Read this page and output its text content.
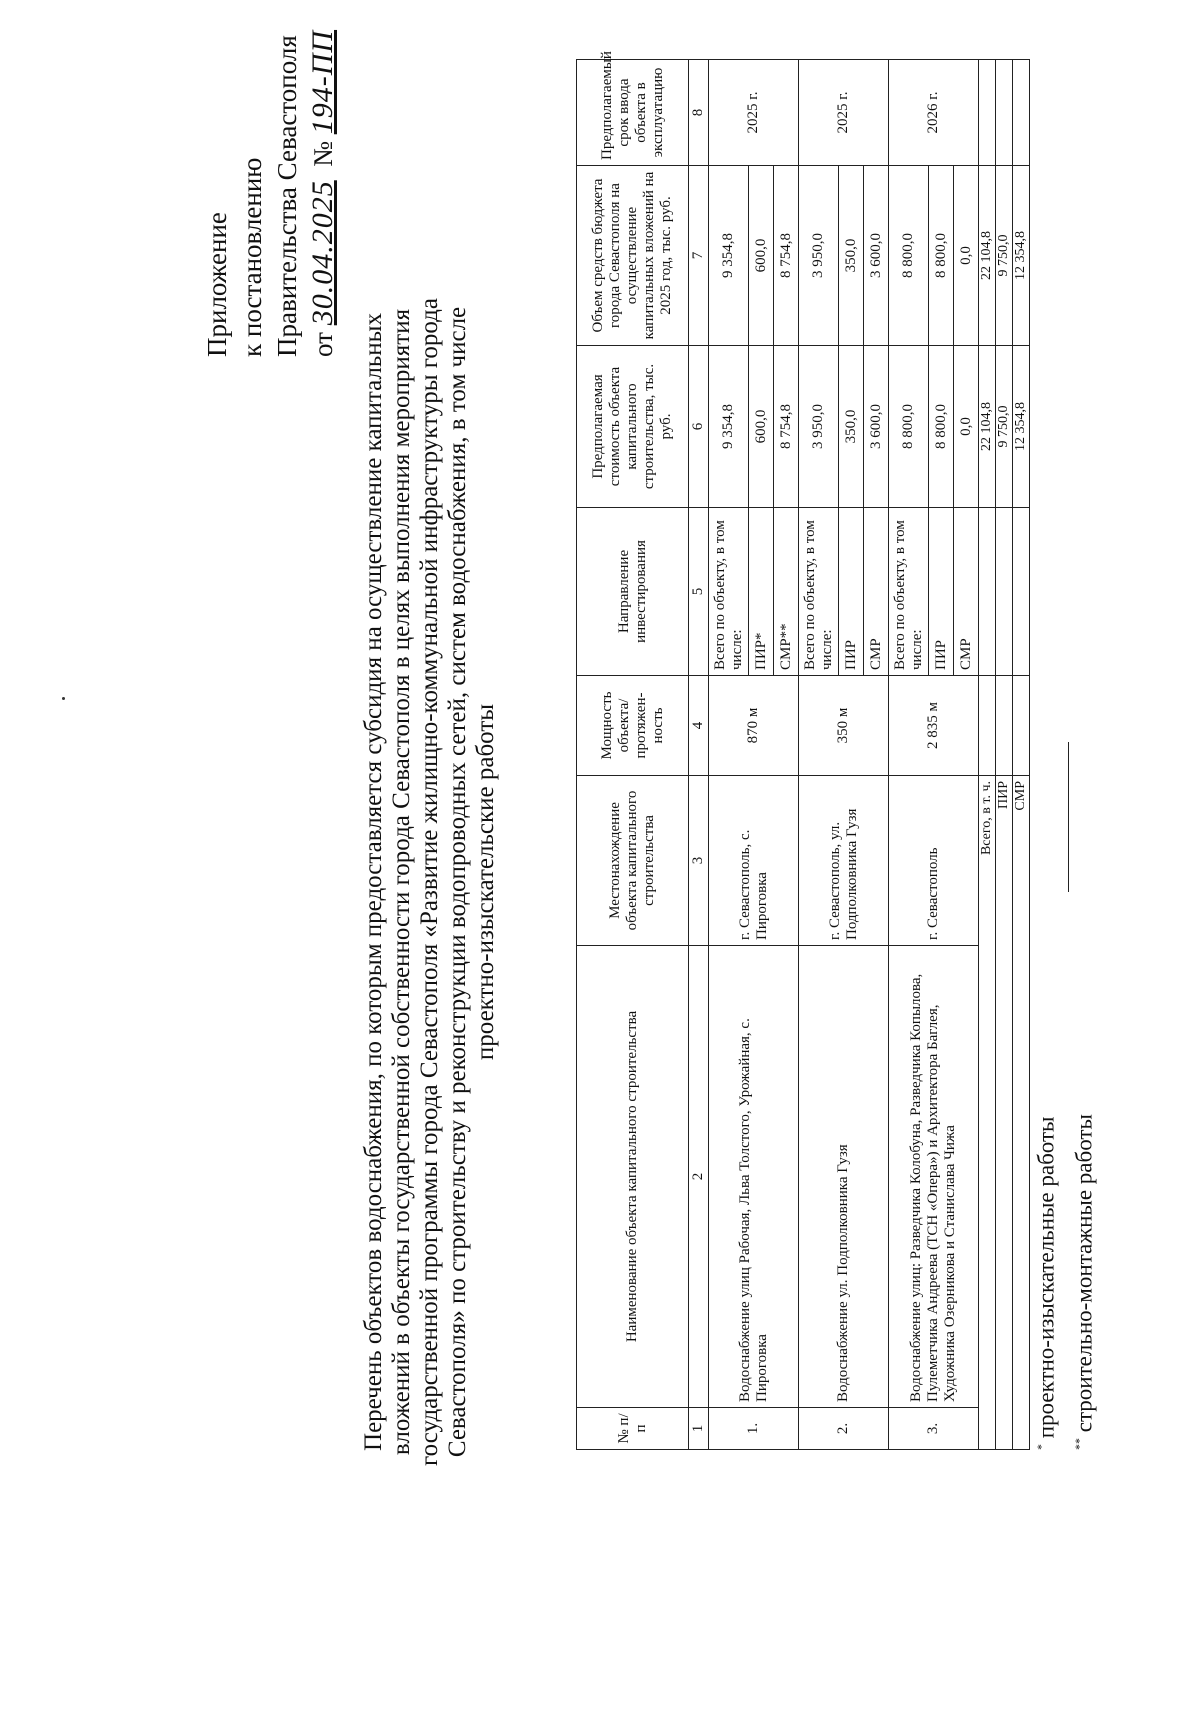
Приложение к постановлению Правительства Севастополя от 30.04.2025  № 194-ПП
Перечень объектов водоснабжения, по которым предоставляется субсидия на осуществление капитальных вложений в объекты государственной собственности города Севастополя в целях выполнения мероприятия государственной программы города Севастополя «Развитие жилищно-коммунальной инфраструктуры города Севастополя» по строительству и реконструкции водопроводных сетей, систем водоснабжения, в том числе проектно-изыскательские работы
№ п/п	Наименование объекта капитального строительства	Местонахождение объекта капитального строительства	Мощность объекта/ протяжен-ность	Направление инвестирования	Предполагаемая стоимость объекта капитального строительства, тыс. руб.	Объем средств бюджета города Севастополя на осуществление капитальных вложений на 2025 год, тыс. руб.	Предполагаемый срок ввода объекта в эксплуатацию
1	2	3	4	5	6	7	8
1.	Водоснабжение улиц Рабочая, Льва Толстого, Урожайная, с. Пироговка	г. Севастополь, с. Пироговка	870 м	Всего по объекту, в том числе:	9 354,8	9 354,8	2025 г.
				ПИР*	600,0	600,0	
				СМР**	8 754,8	8 754,8	
2.	Водоснабжение ул. Подполковника Гузя	г. Севастополь, ул. Подполковника Гузя	350 м	Всего по объекту, в том числе:	3 950,0	3 950,0	2025 г.
				ПИР	350,0	350,0	
				СМР	3 600,0	3 600,0	
3.	Водоснабжение улиц: Разведчика Колобуна, Разведчика Копылова, Пулеметчика Андреева (ТСН «Опера») и Архитектора Баглея, Художника Озерникова и Станислава Чижа	г. Севастополь	2 835 м	Всего по объекту, в том числе:	8 800,0	8 800,0	2026 г.
				ПИР	8 800,0	8 800,0	
				СМР	0,0	0,0	
Всего, в т. ч.					22 104,8	22 104,8	
ПИР					9 750,0	9 750,0	
СМР					12 354,8	12 354,8	
* проектно-изыскательные работы
** строительно-монтажные работы
